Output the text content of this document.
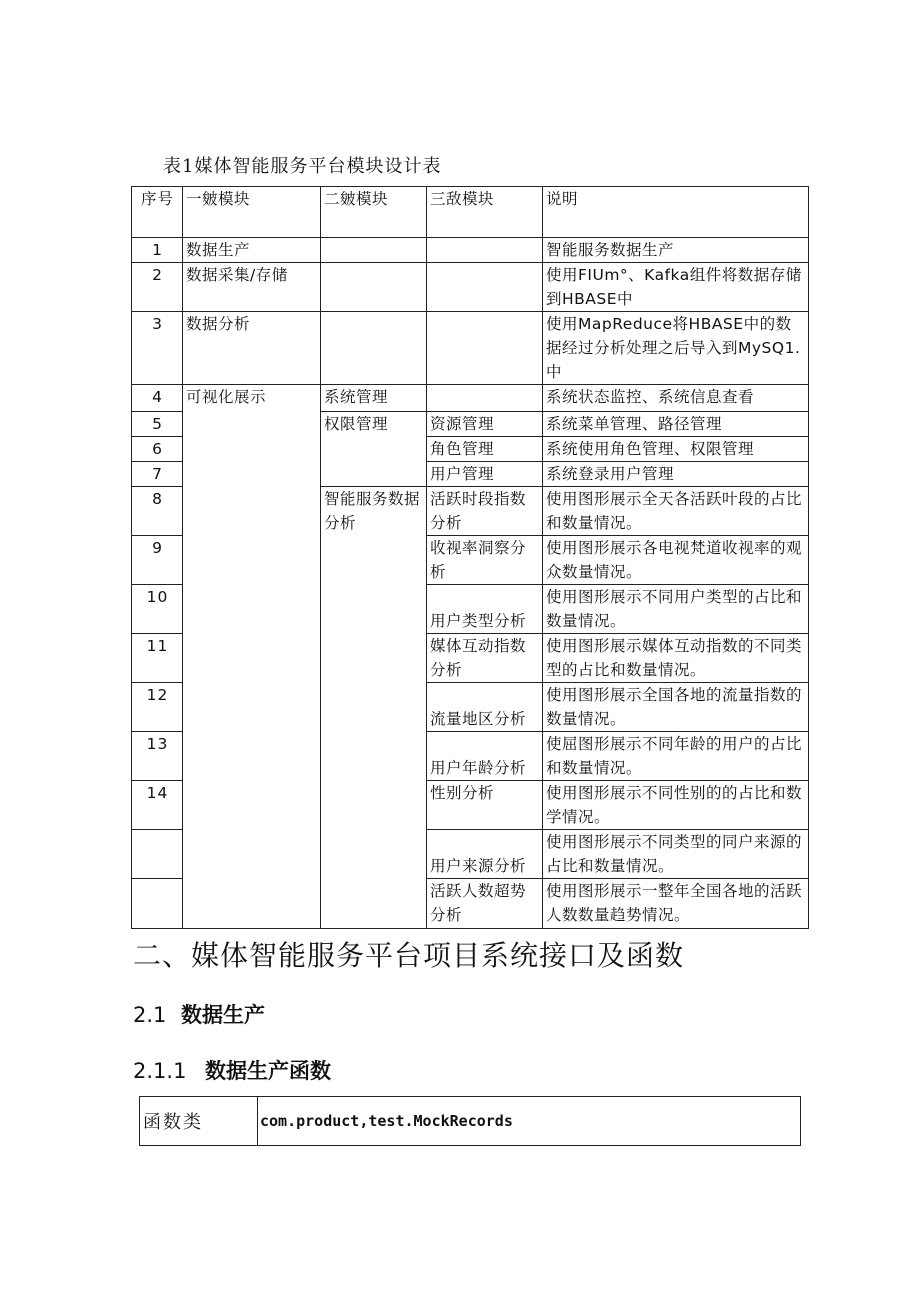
表1媒体智能服务平台模块设计表
序号	一皴模块	二皴模块	三敌模块	说明
1	数据生产			智能服务数据生产
2	数据采集/存储			使用FIUm°、Kafka组件将数据存储到HBASE中
3	数据分析			使用MapReduce将HBASE中的数据经过分析处理之后导入到MySQ1.中
4	可视化展示	系统管理		系统状态监控、系统信息查看
5		权限管理	资源管理	系统菜单管理、路径管理
6			角色管理	系统使用角色管理、权限管理
7			用户管理	系统登录用户管理
8		智能服务数据分析	活跃时段指数分析	使用图形展示全天各活跃叶段的占比和数量情况。
9			收视率洞察分析	使用图形展示各电视梵道收视率的观众数量情况。
10			用户类型分析	使用图形展示不同用户类型的占比和数量情况。
11			媒体互动指数分析	使用图形展示媒体互动指数的不同类型的占比和数量情况。
12			流量地区分析	使用图形展示全国各地的流量指数的数量情况。
13			用户年龄分析	使屈图形展示不同年龄的用户的占比和数量情况。
14			性别分析	使用图形展示不同性别的的占比和数学情况。
			用户来源分析	使用图形展示不同类型的同户来源的占比和数量情况。
			活跃人数超势分析	使用图形展示一整年全国各地的活跃人数数量趋势情况。
二、媒体智能服务平台项目系统接口及函数
2.1 数据生产
2.1.1 数据生产函数
函数类	com.product,test.MockRecords
